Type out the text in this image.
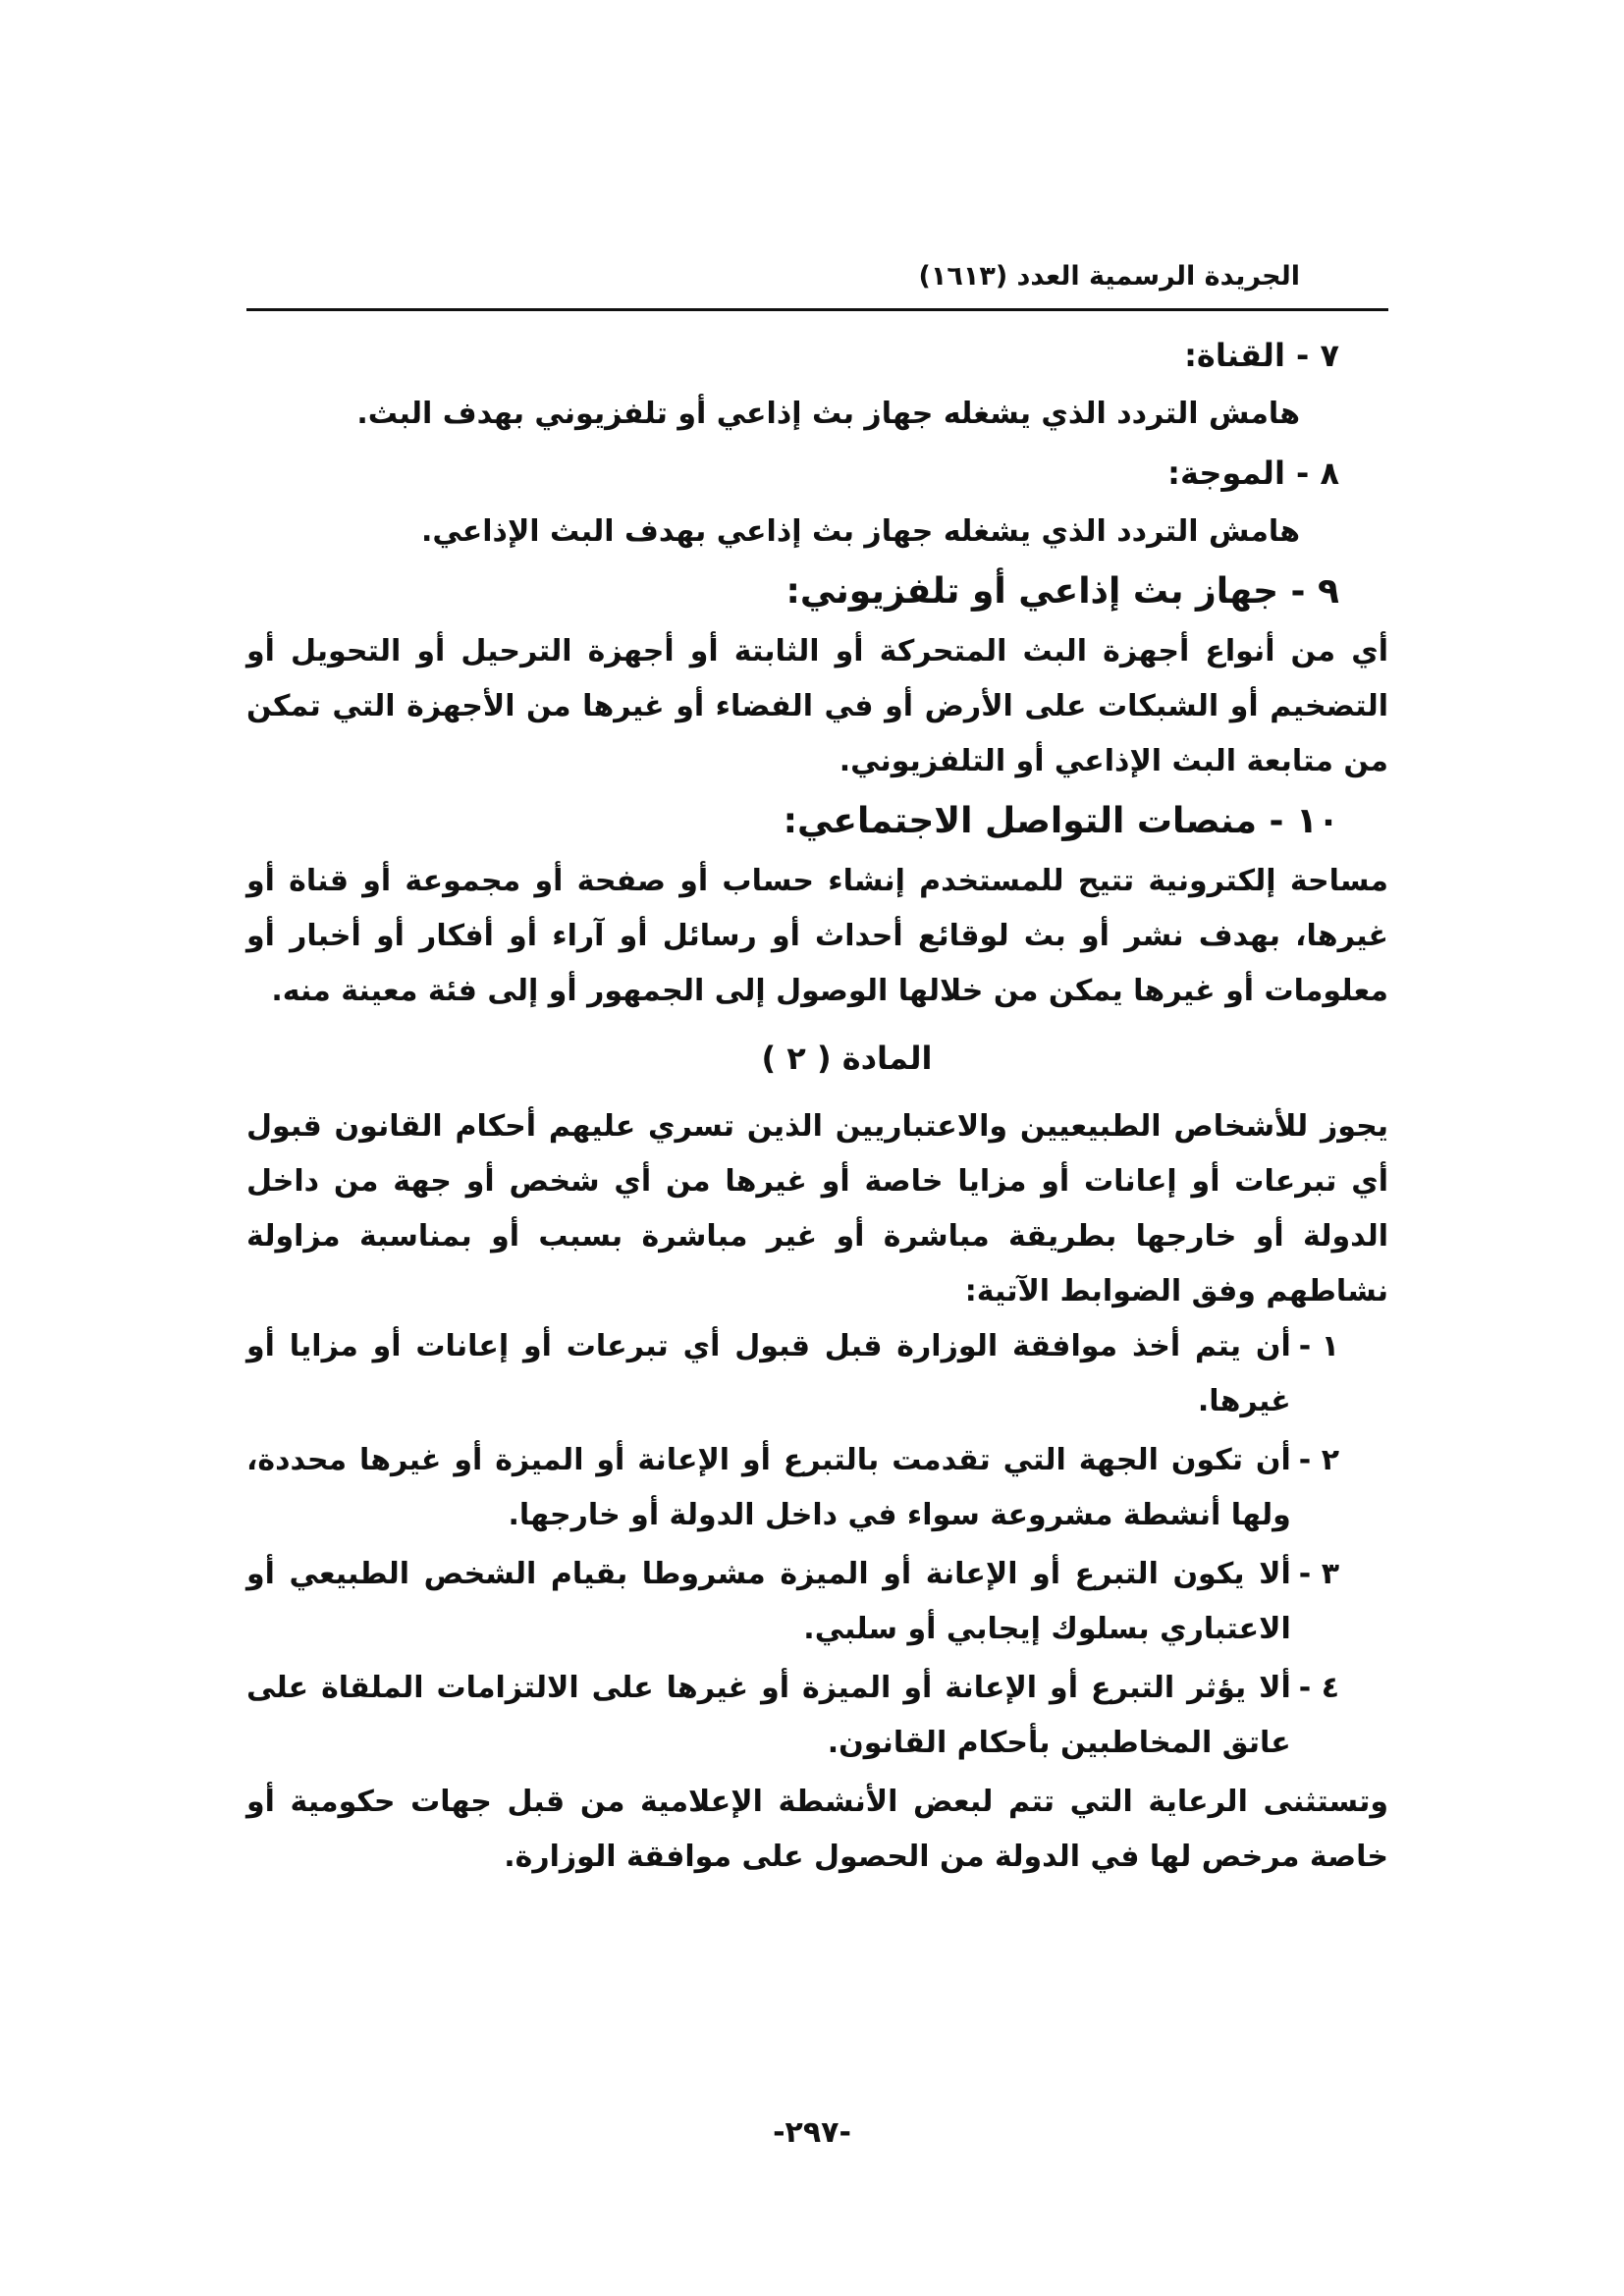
الجريدة الرسمية العدد (١٦١٣)
٧ - القناة:
هامش التردد الذي يشغله جهاز بث إذاعي أو تلفزيوني بهدف البث.
٨ - الموجة:
هامش التردد الذي يشغله جهاز بث إذاعي بهدف البث الإذاعي.
٩ - جهاز بث إذاعي أو تلفزيوني:
أي من أنواع أجهزة البث المتحركة أو الثابتة أو أجهزة الترحيل أو التحويل أو التضخيم أو الشبكات على الأرض أو في الفضاء أو غيرها من الأجهزة التي تمكن من متابعة البث الإذاعي أو التلفزيوني.
١٠ - منصات التواصل الاجتماعي:
مساحة إلكترونية تتيح للمستخدم إنشاء حساب أو صفحة أو مجموعة أو قناة أو غيرها، بهدف نشر أو بث لوقائع أحداث أو رسائل أو آراء أو أفكار أو أخبار أو معلومات أو غيرها يمكن من خلالها الوصول إلى الجمهور أو إلى فئة معينة منه.
المادة ( ٢ )
يجوز للأشخاص الطبيعيين والاعتباريين الذين تسري عليهم أحكام القانون قبول أي تبرعات أو إعانات أو مزايا خاصة أو غيرها من أي شخص أو جهة من داخل الدولة أو خارجها بطريقة مباشرة أو غير مباشرة بسبب أو بمناسبة مزاولة نشاطهم وفق الضوابط الآتية:
١ -
أن يتم أخذ موافقة الوزارة قبل قبول أي تبرعات أو إعانات أو مزايا أو غيرها.
٢ -
أن تكون الجهة التي تقدمت بالتبرع أو الإعانة أو الميزة أو غيرها محددة، ولها أنشطة مشروعة سواء في داخل الدولة أو خارجها.
٣ -
ألا يكون التبرع أو الإعانة أو الميزة مشروطا بقيام الشخص الطبيعي أو الاعتباري بسلوك إيجابي أو سلبي.
٤ -
ألا يؤثر التبرع أو الإعانة أو الميزة أو غيرها على الالتزامات الملقاة على عاتق المخاطبين بأحكام القانون.
وتستثنى الرعاية التي تتم لبعض الأنشطة الإعلامية من قبل جهات حكومية أو خاصة مرخص لها في الدولة من الحصول على موافقة الوزارة.
-٢٩٧-
